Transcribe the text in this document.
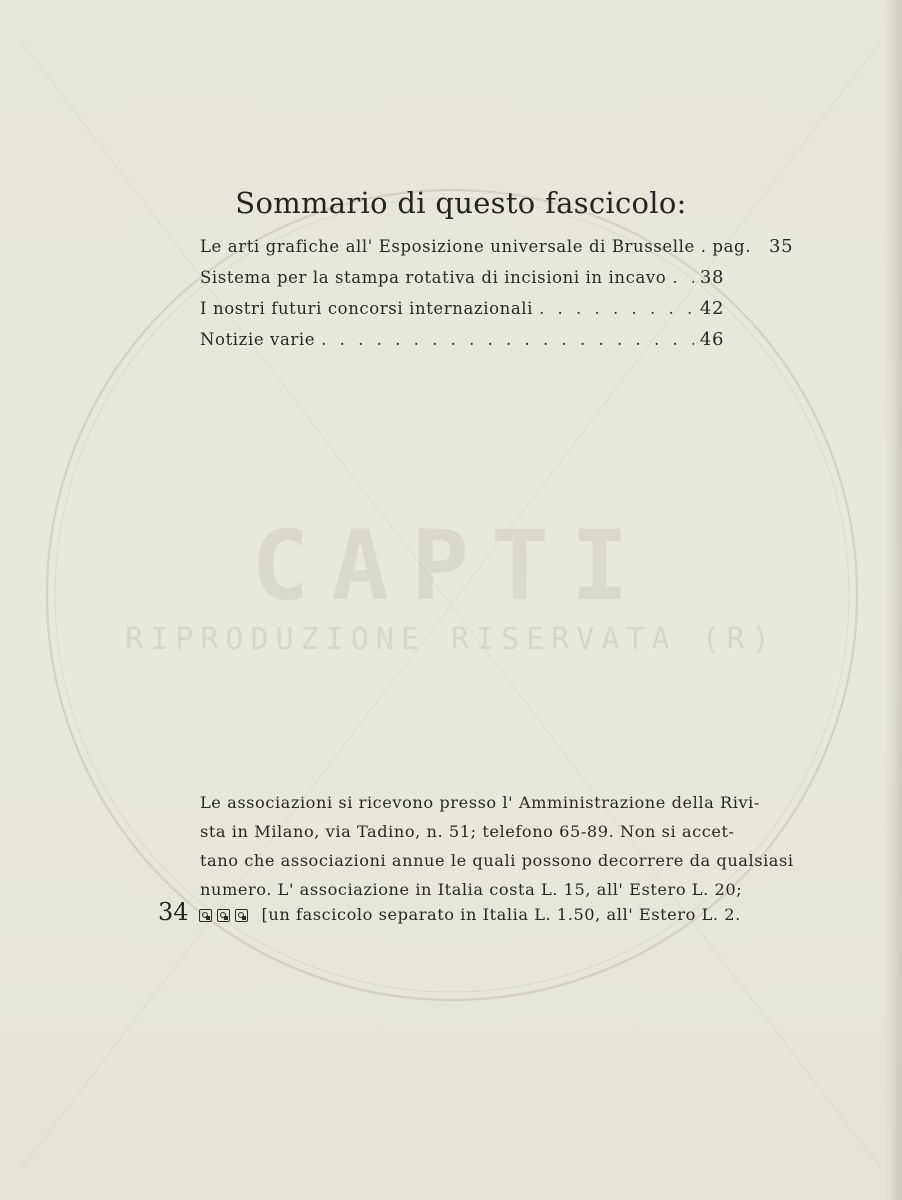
CAPTI
RIPRODUZIONE RISERVATA (R)
Sommario di questo fascicolo:
Le arti grafiche all' Esposizione universale di Brusselle . pag. 35
Sistema per la stampa rotativa di incisioni in incavo . . . 38
I nostri futuri concorsi internazionali . . .	42
Notizie varie . . .	46
Le associazioni si ricevono presso l' Amministrazione della Rivi-
sta in Milano, via Tadino, n. 51; telefono 65-89. Non si accet-
tano che associazioni annue le quali possono decorrere da qualsiasi
numero. L' associazione in Italia costa L. 15, all' Estero L. 20;
34	[un fascicolo separato in Italia L. 1.50, all' Estero L. 2.
